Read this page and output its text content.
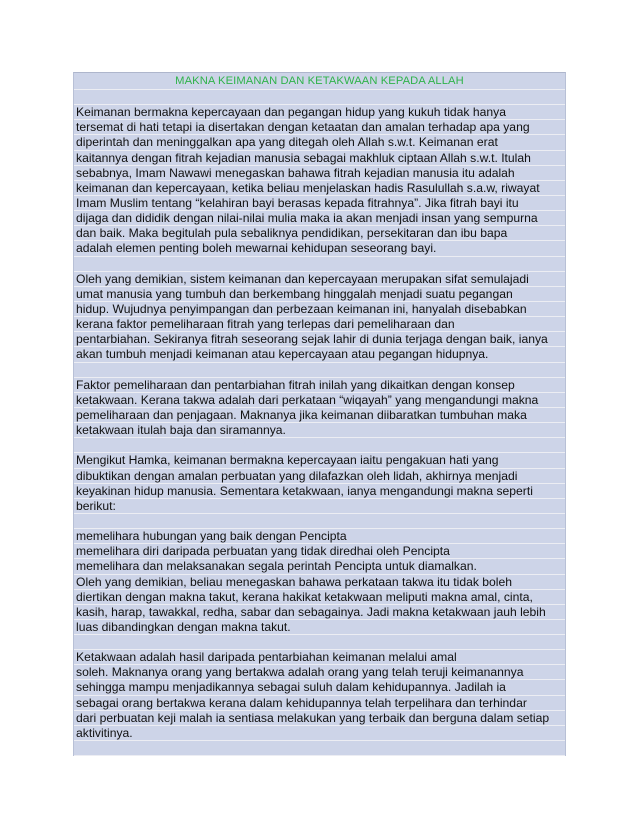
MAKNA KEIMANAN DAN KETAKWAAN KEPADA ALLAH
Keimanan bermakna kepercayaan dan pegangan hidup yang kukuh tidak hanya
tersemat di hati tetapi ia disertakan dengan ketaatan dan amalan terhadap apa yang
diperintah dan meninggalkan apa yang ditegah oleh Allah s.w.t. Keimanan erat
kaitannya dengan fitrah kejadian manusia sebagai makhluk ciptaan Allah s.w.t. Itulah
sebabnya, Imam Nawawi menegaskan bahawa fitrah kejadian manusia itu adalah
keimanan dan kepercayaan, ketika beliau menjelaskan hadis Rasulullah s.a.w, riwayat
Imam Muslim tentang “kelahiran bayi berasas kepada fitrahnya”. Jika fitrah bayi itu
dijaga dan dididik dengan nilai-nilai mulia maka ia akan menjadi insan yang sempurna
dan baik. Maka begitulah pula sebaliknya pendidikan, persekitaran dan ibu bapa
adalah elemen penting boleh mewarnai kehidupan seseorang bayi.
Oleh yang demikian, sistem keimanan dan kepercayaan merupakan sifat semulajadi
umat manusia yang tumbuh dan berkembang hinggalah menjadi suatu pegangan
hidup. Wujudnya penyimpangan dan perbezaan keimanan ini, hanyalah disebabkan
kerana faktor pemeliharaan fitrah yang terlepas dari pemeliharaan dan
pentarbiahan. Sekiranya fitrah seseorang sejak lahir di dunia terjaga dengan baik, ianya
akan tumbuh menjadi keimanan atau kepercayaan atau pegangan hidupnya.
Faktor pemeliharaan dan pentarbiahan fitrah inilah yang dikaitkan dengan konsep
ketakwaan. Kerana takwa adalah dari perkataan “wiqayah” yang mengandungi makna
pemeliharaan dan penjagaan. Maknanya jika keimanan diibaratkan tumbuhan maka
ketakwaan itulah baja dan siramannya.
Mengikut Hamka, keimanan bermakna kepercayaan iaitu pengakuan hati yang
dibuktikan dengan amalan perbuatan yang dilafazkan oleh lidah, akhirnya menjadi
keyakinan hidup manusia. Sementara ketakwaan, ianya mengandungi makna seperti
berikut:
memelihara hubungan yang baik dengan Pencipta
memelihara diri daripada perbuatan yang tidak diredhai oleh Pencipta
memelihara dan melaksanakan segala perintah Pencipta untuk diamalkan.
Oleh yang demikian, beliau menegaskan bahawa perkataan takwa itu tidak boleh
diertikan dengan makna takut, kerana hakikat ketakwaan meliputi makna amal, cinta,
kasih, harap, tawakkal, redha, sabar dan sebagainya. Jadi makna ketakwaan jauh lebih
luas dibandingkan dengan makna takut.
Ketakwaan adalah hasil daripada pentarbiahan keimanan melalui amal
soleh. Maknanya orang yang bertakwa adalah orang yang telah teruji keimanannya
sehingga mampu menjadikannya sebagai suluh dalam kehidupannya. Jadilah ia
sebagai orang bertakwa kerana dalam kehidupannya telah terpelihara dan terhindar
dari perbuatan keji malah ia sentiasa melakukan yang terbaik dan berguna dalam setiap
aktivitinya.
